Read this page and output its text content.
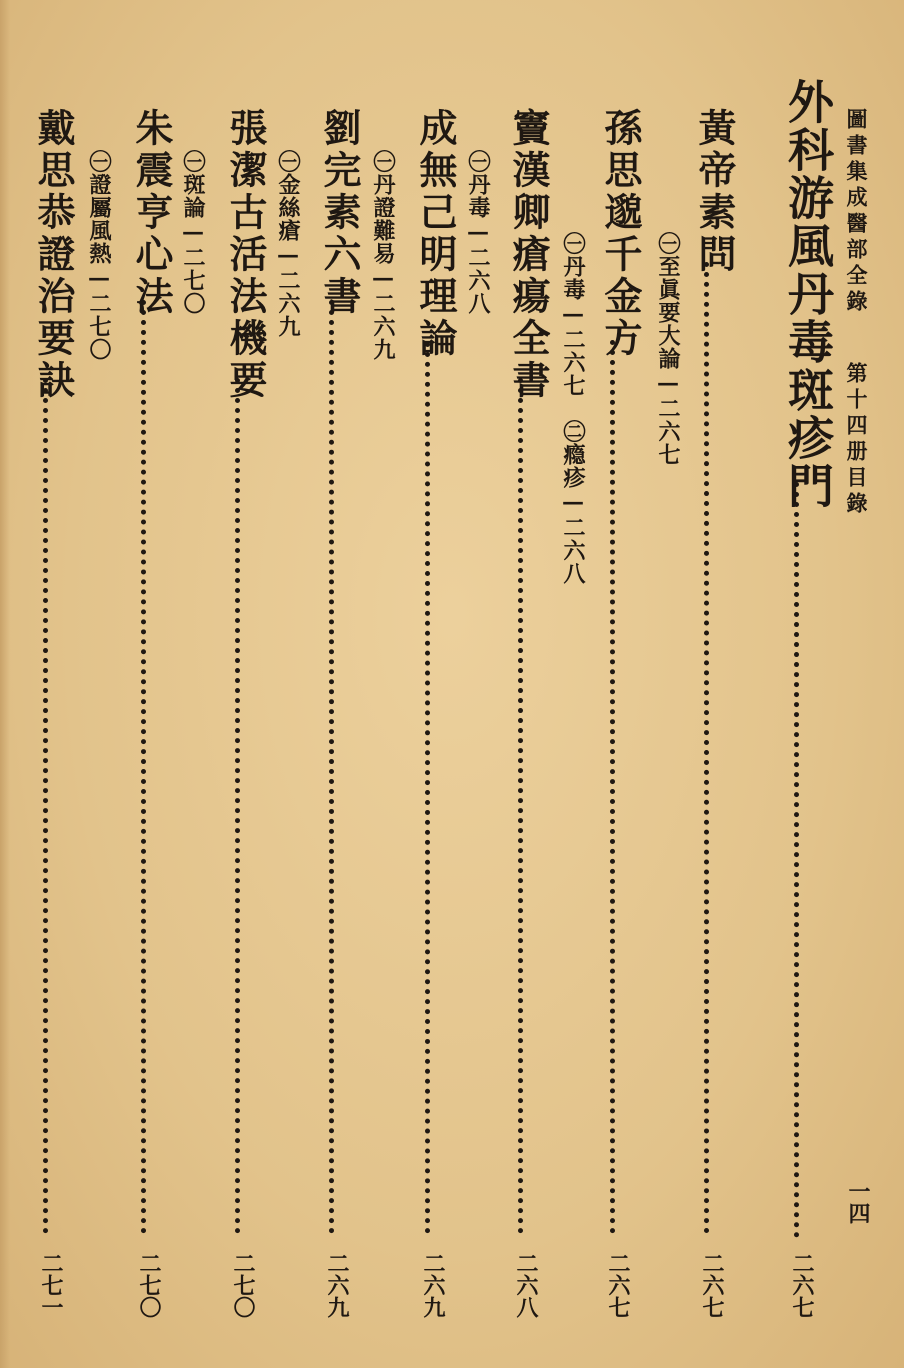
圖書集成醫部全錄
第十四册目錄
一四
外科游風丹毒斑疹門
二六七
黃帝素問
二六七
㊀至眞要大論—二六七
孫思邈千金方
二六七
㊀丹毒—二六七　㊁瘾疹—二六八
竇漢卿瘡瘍全書
二六八
㊀丹毒—二六八
成無己明理論
二六九
㊀丹證難易—二六九
劉完素六書
二六九
㊀金絲瘡—二六九
張潔古活法機要
二七〇
㊀斑論—二七〇
朱震亨心法
二七〇
㊀證屬風熱—二七〇
戴思恭證治要訣
二七一
